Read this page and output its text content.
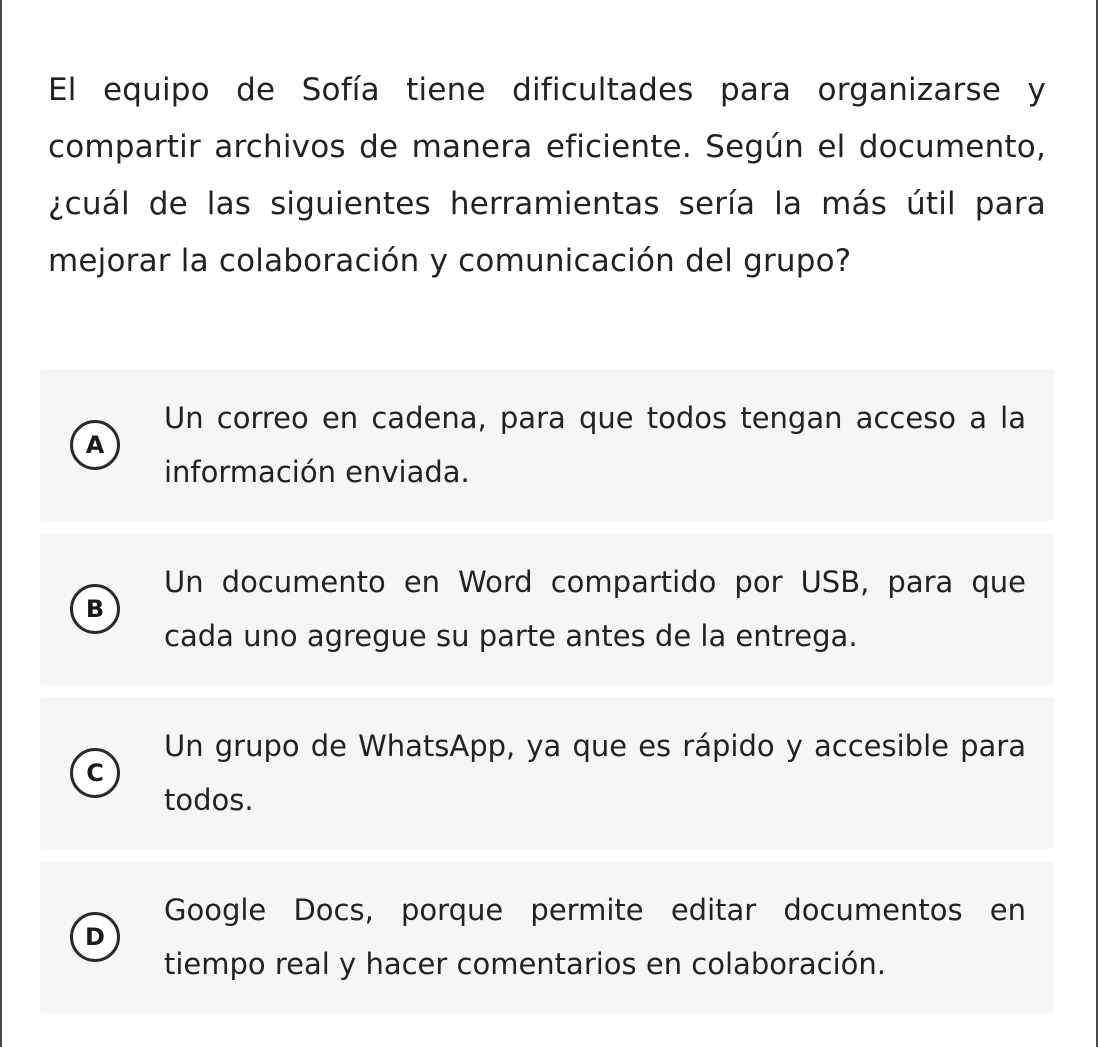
El equipo de Sofía tiene dificultades para organizarse y compartir archivos de manera eficiente. Según el documento, ¿cuál de las siguientes herramientas sería la más útil para mejorar la colaboración y comunicación del grupo?
A
Un correo en cadena, para que todos tengan acceso a la información enviada.
B
Un documento en Word compartido por USB, para que cada uno agregue su parte antes de la entrega.
C
Un grupo de WhatsApp, ya que es rápido y accesible para todos.
D
Google Docs, porque permite editar documentos en tiempo real y hacer comentarios en colaboración.
